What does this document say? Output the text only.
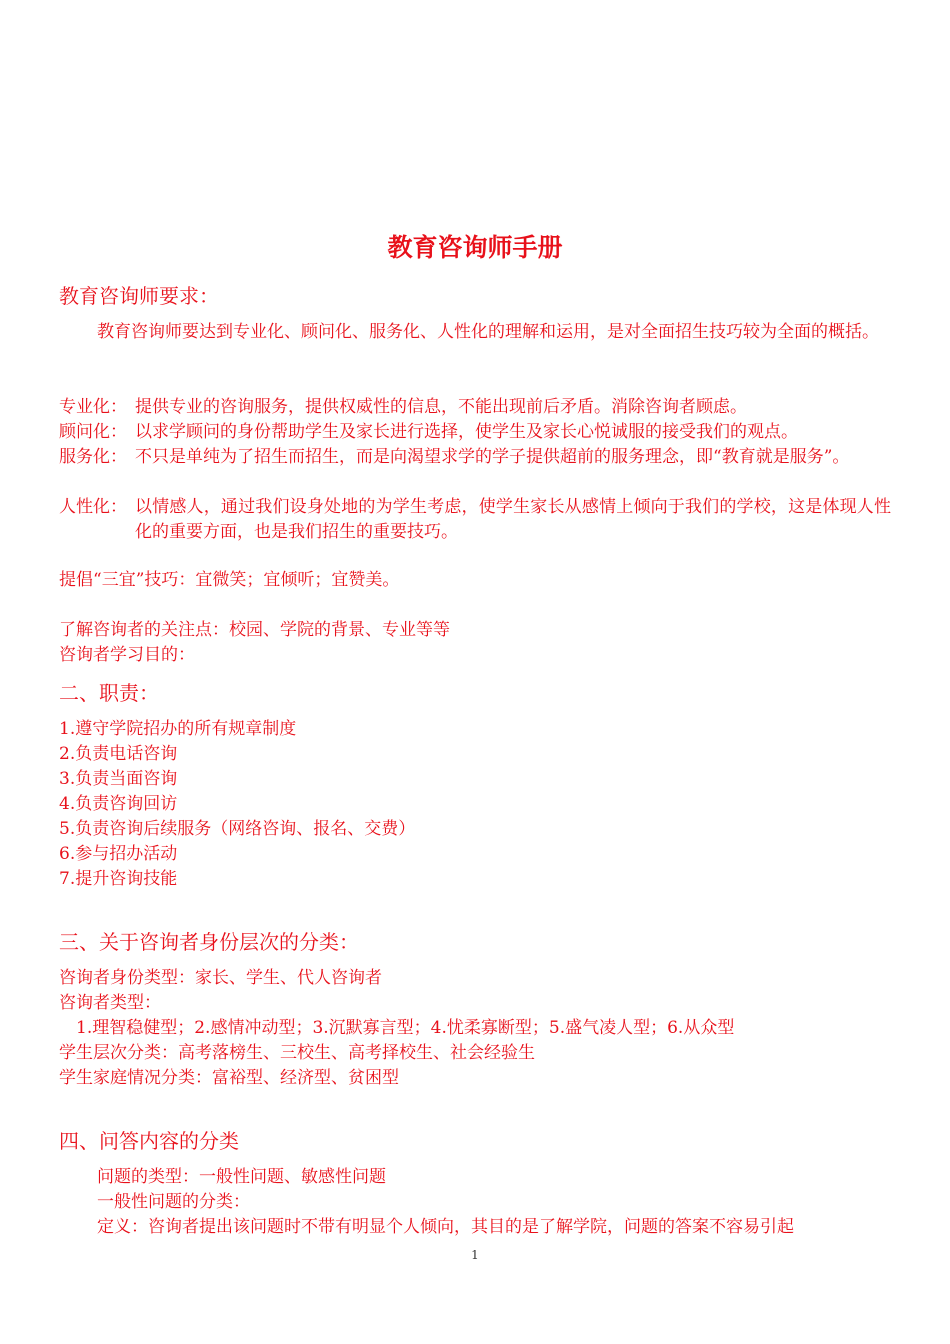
教育咨询师手册
教育咨询师要求：
教育咨询师要达到专业化、顾问化、服务化、人性化的理解和运用，是对全面招生技巧较为全面的概括。
专业化： 提供专业的咨询服务，提供权威性的信息，不能出现前后矛盾。消除咨询者顾虑。
顾问化： 以求学顾问的身份帮助学生及家长进行选择，使学生及家长心悦诚服的接受我们的观点。
服务化： 不只是单纯为了招生而招生，而是向渴望求学的学子提供超前的服务理念，即“教育就是服务”。
人性化： 以情感人，通过我们设身处地的为学生考虑，使学生家长从感情上倾向于我们的学校，这是体现人性化的重要方面，也是我们招生的重要技巧。
提倡“三宜”技巧：宜微笑；宜倾听；宜赞美。
了解咨询者的关注点：校园、学院的背景、专业等等
咨询者学习目的：
二、职责：
1.遵守学院招办的所有规章制度
2.负责电话咨询
3.负责当面咨询
4.负责咨询回访
5.负责咨询后续服务（网络咨询、报名、交费）
6.参与招办活动
7.提升咨询技能
三、关于咨询者身份层次的分类：
咨询者身份类型：家长、学生、代人咨询者
咨询者类型：
1.理智稳健型；2.感情冲动型；3.沉默寡言型；4.忧柔寡断型；5.盛气凌人型；6.从众型
学生层次分类：高考落榜生、三校生、高考择校生、社会经验生
学生家庭情况分类：富裕型、经济型、贫困型
四、问答内容的分类
问题的类型：一般性问题、敏感性问题
一般性问题的分类：
定义：咨询者提出该问题时不带有明显个人倾向，其目的是了解学院，问题的答案不容易引起
1
